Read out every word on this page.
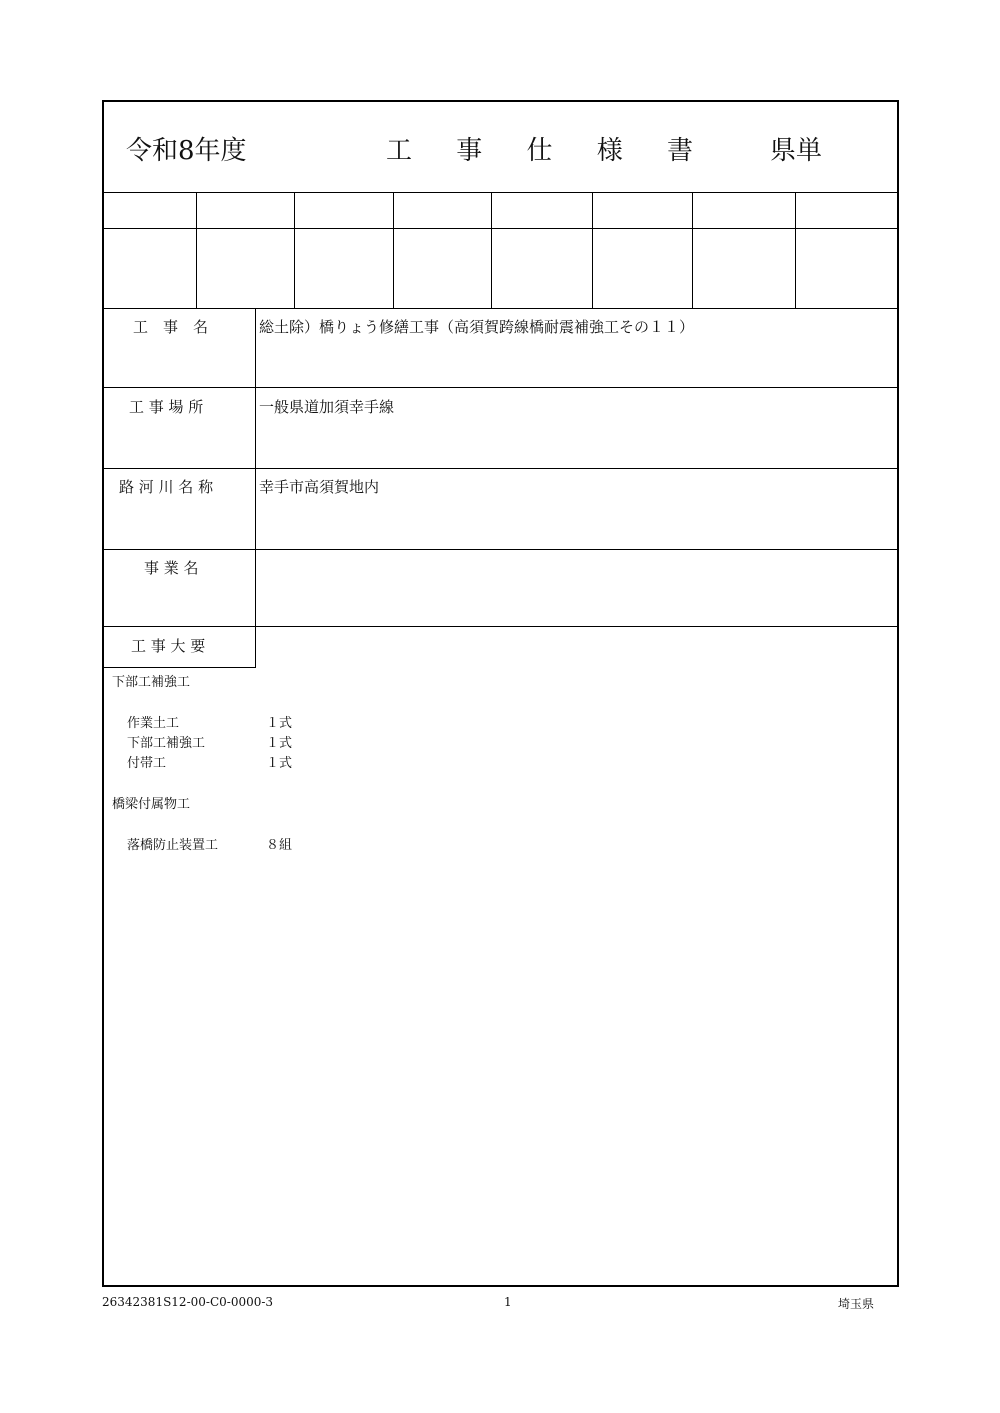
令和8年度	工 事 仕 様 書 県単
工　事　名	総土除）橋りょう修繕工事（高須賀跨線橋耐震補強工その１１）
工 事 場 所	一般県道加須幸手線
路 河 川 名 称	幸手市高須賀地内
事 業 名
工 事 大 要
下部工補強工
作業土工	１式
下部工補強工	１式
付帯工	１式
橋梁付属物工
落橋防止装置工	８組
26342381S12-00-C0-0000-3	1	埼玉県
